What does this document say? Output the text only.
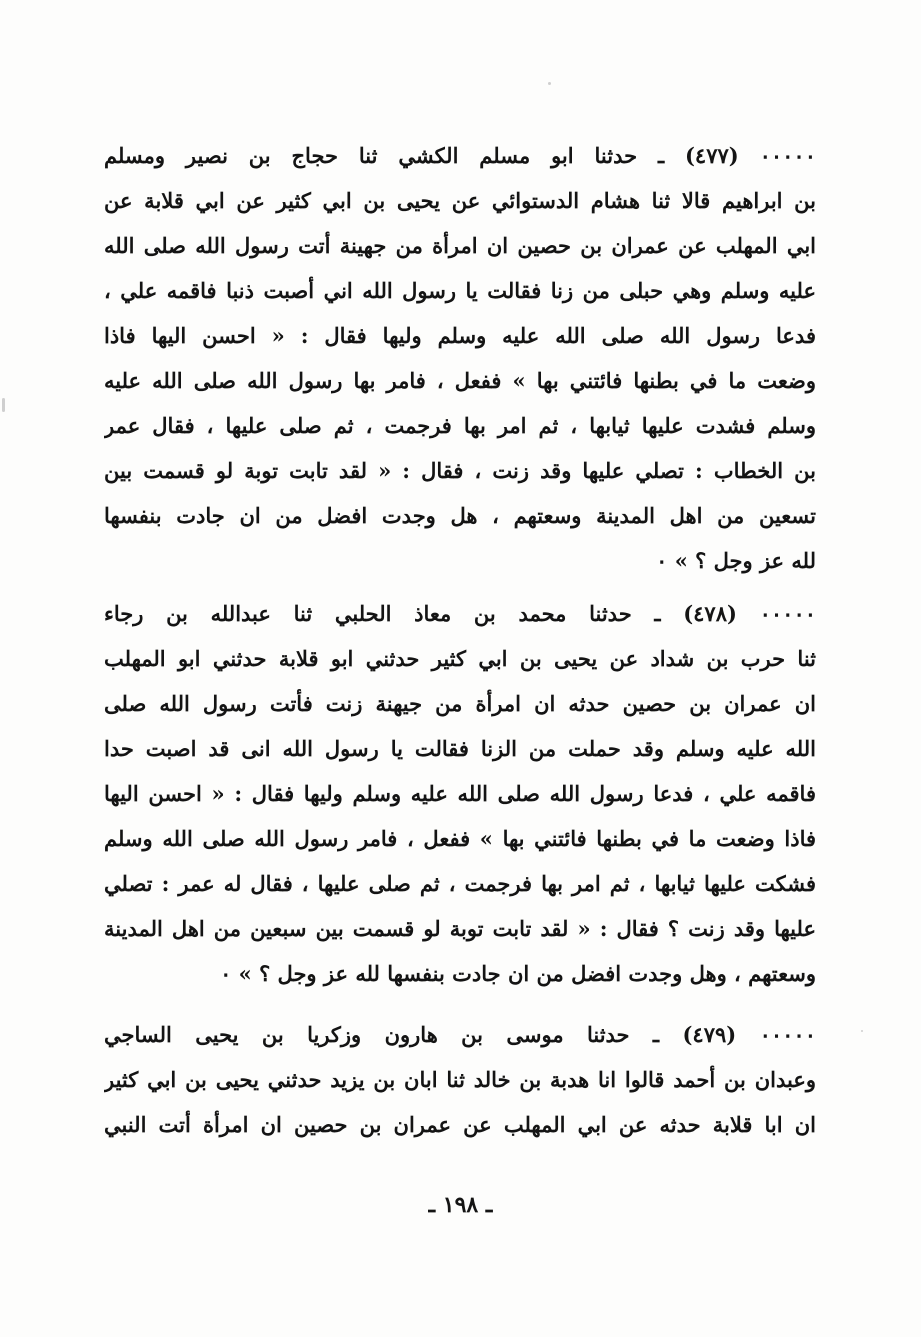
٠٠٠٠٠ (٤٧٧) ـ حدثنا ابو مسلم الكشي ثنا حجاج بن نصير ومسلم
بن ابراهيم قالا ثنا هشام الدستوائي عن يحيى بن ابي كثير عن ابي قلابة عن
ابي المهلب عن عمران بن حصين ان امرأة من جهينة أتت رسول الله صلى الله
عليه وسلم وهي حبلى من زنا فقالت يا رسول الله اني أصبت ذنبا فاقمه علي ،
فدعا رسول الله صلى الله عليه وسلم وليها فقال : « احسن اليها فاذا
وضعت ما في بطنها فائتني بها » ففعل ، فامر بها رسول الله صلى الله عليه
وسلم فشدت عليها ثيابها ، ثم امر بها فرجمت ، ثم صلى عليها ، فقال عمر
بن الخطاب : تصلي عليها وقد زنت ، فقال : « لقد تابت توبة لو قسمت بين
تسعين من اهل المدينة وسعتهم ، هل وجدت افضل من ان جادت بنفسها
لله عز وجل ؟ » ٠
٠٠٠٠٠ (٤٧٨) ـ حدثنا محمد بن معاذ الحلبي ثنا عبدالله بن رجاء
ثنا حرب بن شداد عن يحيى بن ابي كثير حدثني ابو قلابة حدثني ابو المهلب
ان عمران بن حصين حدثه ان امرأة من جيهنة زنت فأتت رسول الله صلى
الله عليه وسلم وقد حملت من الزنا فقالت يا رسول الله انى قد اصبت حدا
فاقمه علي ، فدعا رسول الله صلى الله عليه وسلم وليها فقال : « احسن اليها
فاذا وضعت ما في بطنها فائتني بها » ففعل ، فامر رسول الله صلى الله وسلم
فشكت عليها ثيابها ، ثم امر بها فرجمت ، ثم صلى عليها ، فقال له عمر : تصلي
عليها وقد زنت ؟ فقال : « لقد تابت توبة لو قسمت بين سبعين من اهل المدينة
وسعتهم ، وهل وجدت افضل من ان جادت بنفسها لله عز وجل ؟ » ٠
٠٠٠٠٠ (٤٧٩) ـ حدثنا موسى بن هارون وزكريا بن يحيى الساجي
وعبدان بن أحمد قالوا انا هدبة بن خالد ثنا ابان بن يزيد حدثني يحيى بن ابي كثير
ان ابا قلابة حدثه عن ابي المهلب عن عمران بن حصين ان امرأة أتت النبي
ـ ١٩٨ ـ
